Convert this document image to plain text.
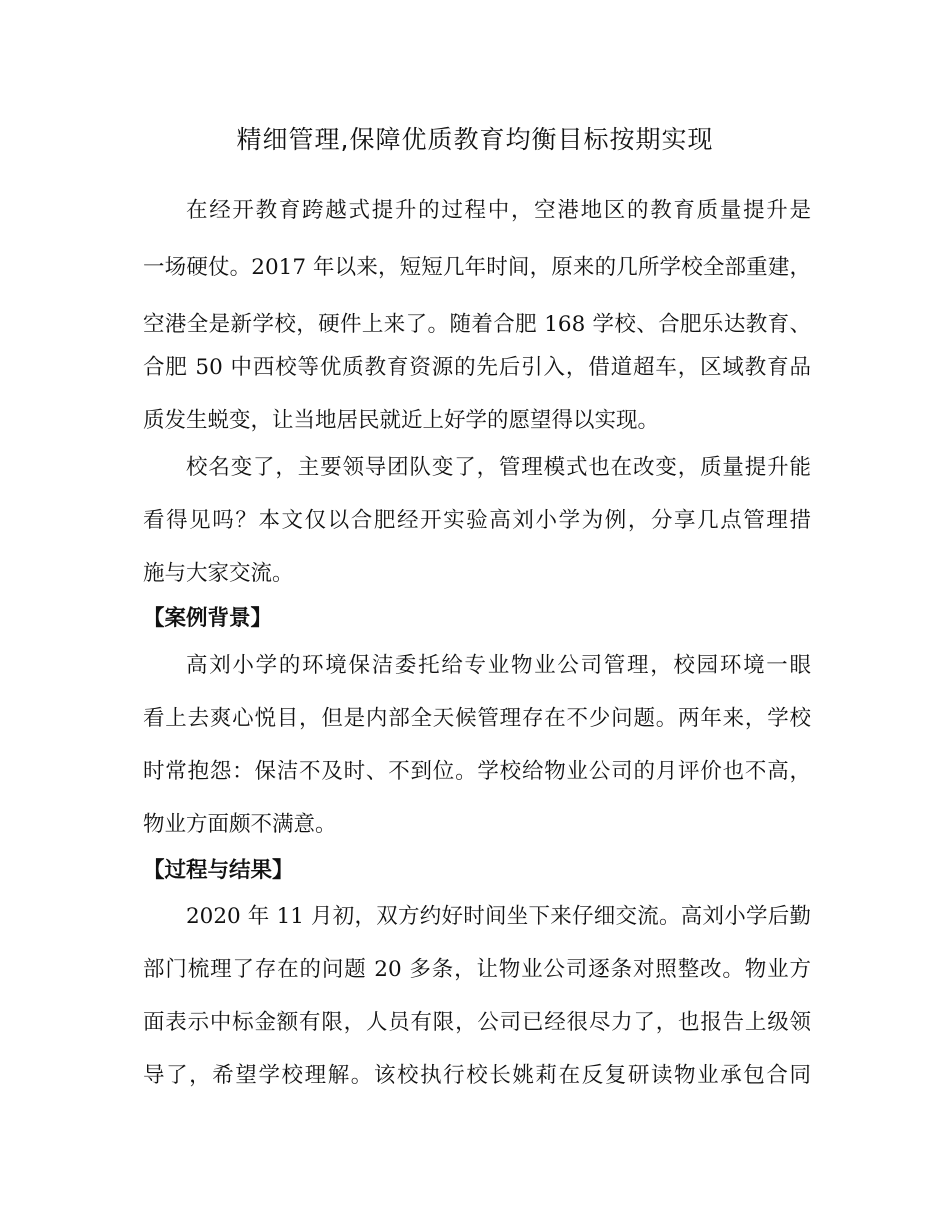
精细管理,保障优质教育均衡目标按期实现
在经开教育跨越式提升的过程中，空港地区的教育质量提升是
一场硬仗。2017 年以来，短短几年时间，原来的几所学校全部重建，
空港全是新学校，硬件上来了。随着合肥 168 学校、合肥乐达教育、
合肥 50 中西校等优质教育资源的先后引入，借道超车，区域教育品
质发生蜕变，让当地居民就近上好学的愿望得以实现。
校名变了，主要领导团队变了，管理模式也在改变，质量提升能
看得见吗？本文仅以合肥经开实验高刘小学为例，分享几点管理措
施与大家交流。
【案例背景】
高刘小学的环境保洁委托给专业物业公司管理，校园环境一眼
看上去爽心悦目，但是内部全天候管理存在不少问题。两年来，学校
时常抱怨：保洁不及时、不到位。学校给物业公司的月评价也不高，
物业方面颇不满意。
【过程与结果】
2020 年 11 月初，双方约好时间坐下来仔细交流。高刘小学后勤
部门梳理了存在的问题 20 多条，让物业公司逐条对照整改。物业方
面表示中标金额有限，人员有限，公司已经很尽力了，也报告上级领
导了，希望学校理解。该校执行校长姚莉在反复研读物业承包合同
